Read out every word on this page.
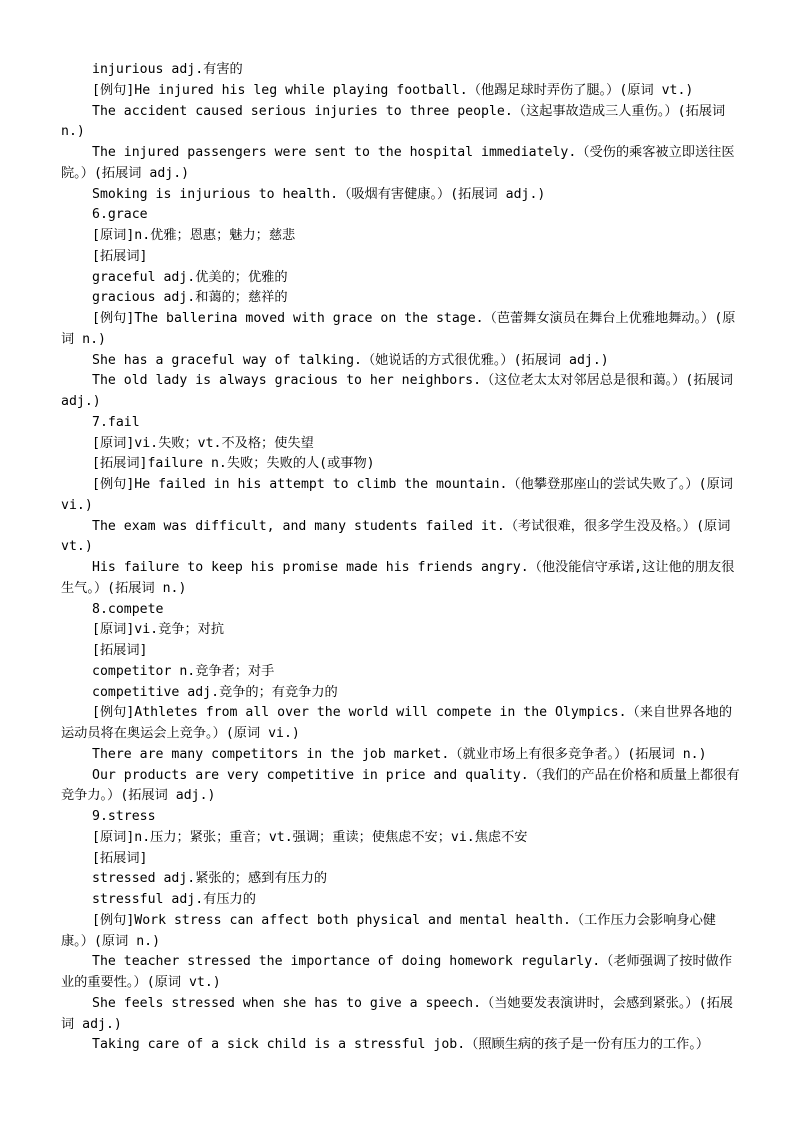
injurious adj.有害的

[例句]He injured his leg while playing football.（他踢足球时弄伤了腿。）(原词 vt.)

The accident caused serious injuries to three people.（这起事故造成三人重伤。）(拓展词 n.)

The injured passengers were sent to the hospital immediately.（受伤的乘客被立即送往医院。）(拓展词 adj.)

Smoking is injurious to health.（吸烟有害健康。）(拓展词 adj.)

6.grace

[原词]n.优雅；恩惠；魅力；慈悲

[拓展词]

graceful adj.优美的；优雅的

gracious adj.和蔼的；慈祥的

[例句]The ballerina moved with grace on the stage.（芭蕾舞女演员在舞台上优雅地舞动。）(原词 n.)

She has a graceful way of talking.（她说话的方式很优雅。）(拓展词 adj.)

The old lady is always gracious to her neighbors.（这位老太太对邻居总是很和蔼。）(拓展词 adj.)

7.fail

[原词]vi.失败；vt.不及格；使失望

[拓展词]failure n.失败；失败的人(或事物)

[例句]He failed in his attempt to climb the mountain.（他攀登那座山的尝试失败了。）(原词 vi.)

The exam was difficult, and many students failed it.（考试很难，很多学生没及格。）(原词 vt.)

His failure to keep his promise made his friends angry.（他没能信守承诺,这让他的朋友很生气。）(拓展词 n.)

8.compete

[原词]vi.竞争；对抗

[拓展词]

competitor n.竞争者；对手

competitive adj.竞争的；有竞争力的

[例句]Athletes from all over the world will compete in the Olympics.（来自世界各地的运动员将在奥运会上竞争。）(原词 vi.)

There are many competitors in the job market.（就业市场上有很多竞争者。）(拓展词 n.)

Our products are very competitive in price and quality.（我们的产品在价格和质量上都很有竞争力。）(拓展词 adj.)

9.stress

[原词]n.压力；紧张；重音；vt.强调；重读；使焦虑不安；vi.焦虑不安

[拓展词]

stressed adj.紧张的；感到有压力的

stressful adj.有压力的

[例句]Work stress can affect both physical and mental health.（工作压力会影响身心健康。）(原词 n.)

The teacher stressed the importance of doing homework regularly.（老师强调了按时做作业的重要性。）(原词 vt.)

She feels stressed when she has to give a speech.（当她要发表演讲时，会感到紧张。）(拓展词 adj.)

Taking care of a sick child is a stressful job.（照顾生病的孩子是一份有压力的工作。）
